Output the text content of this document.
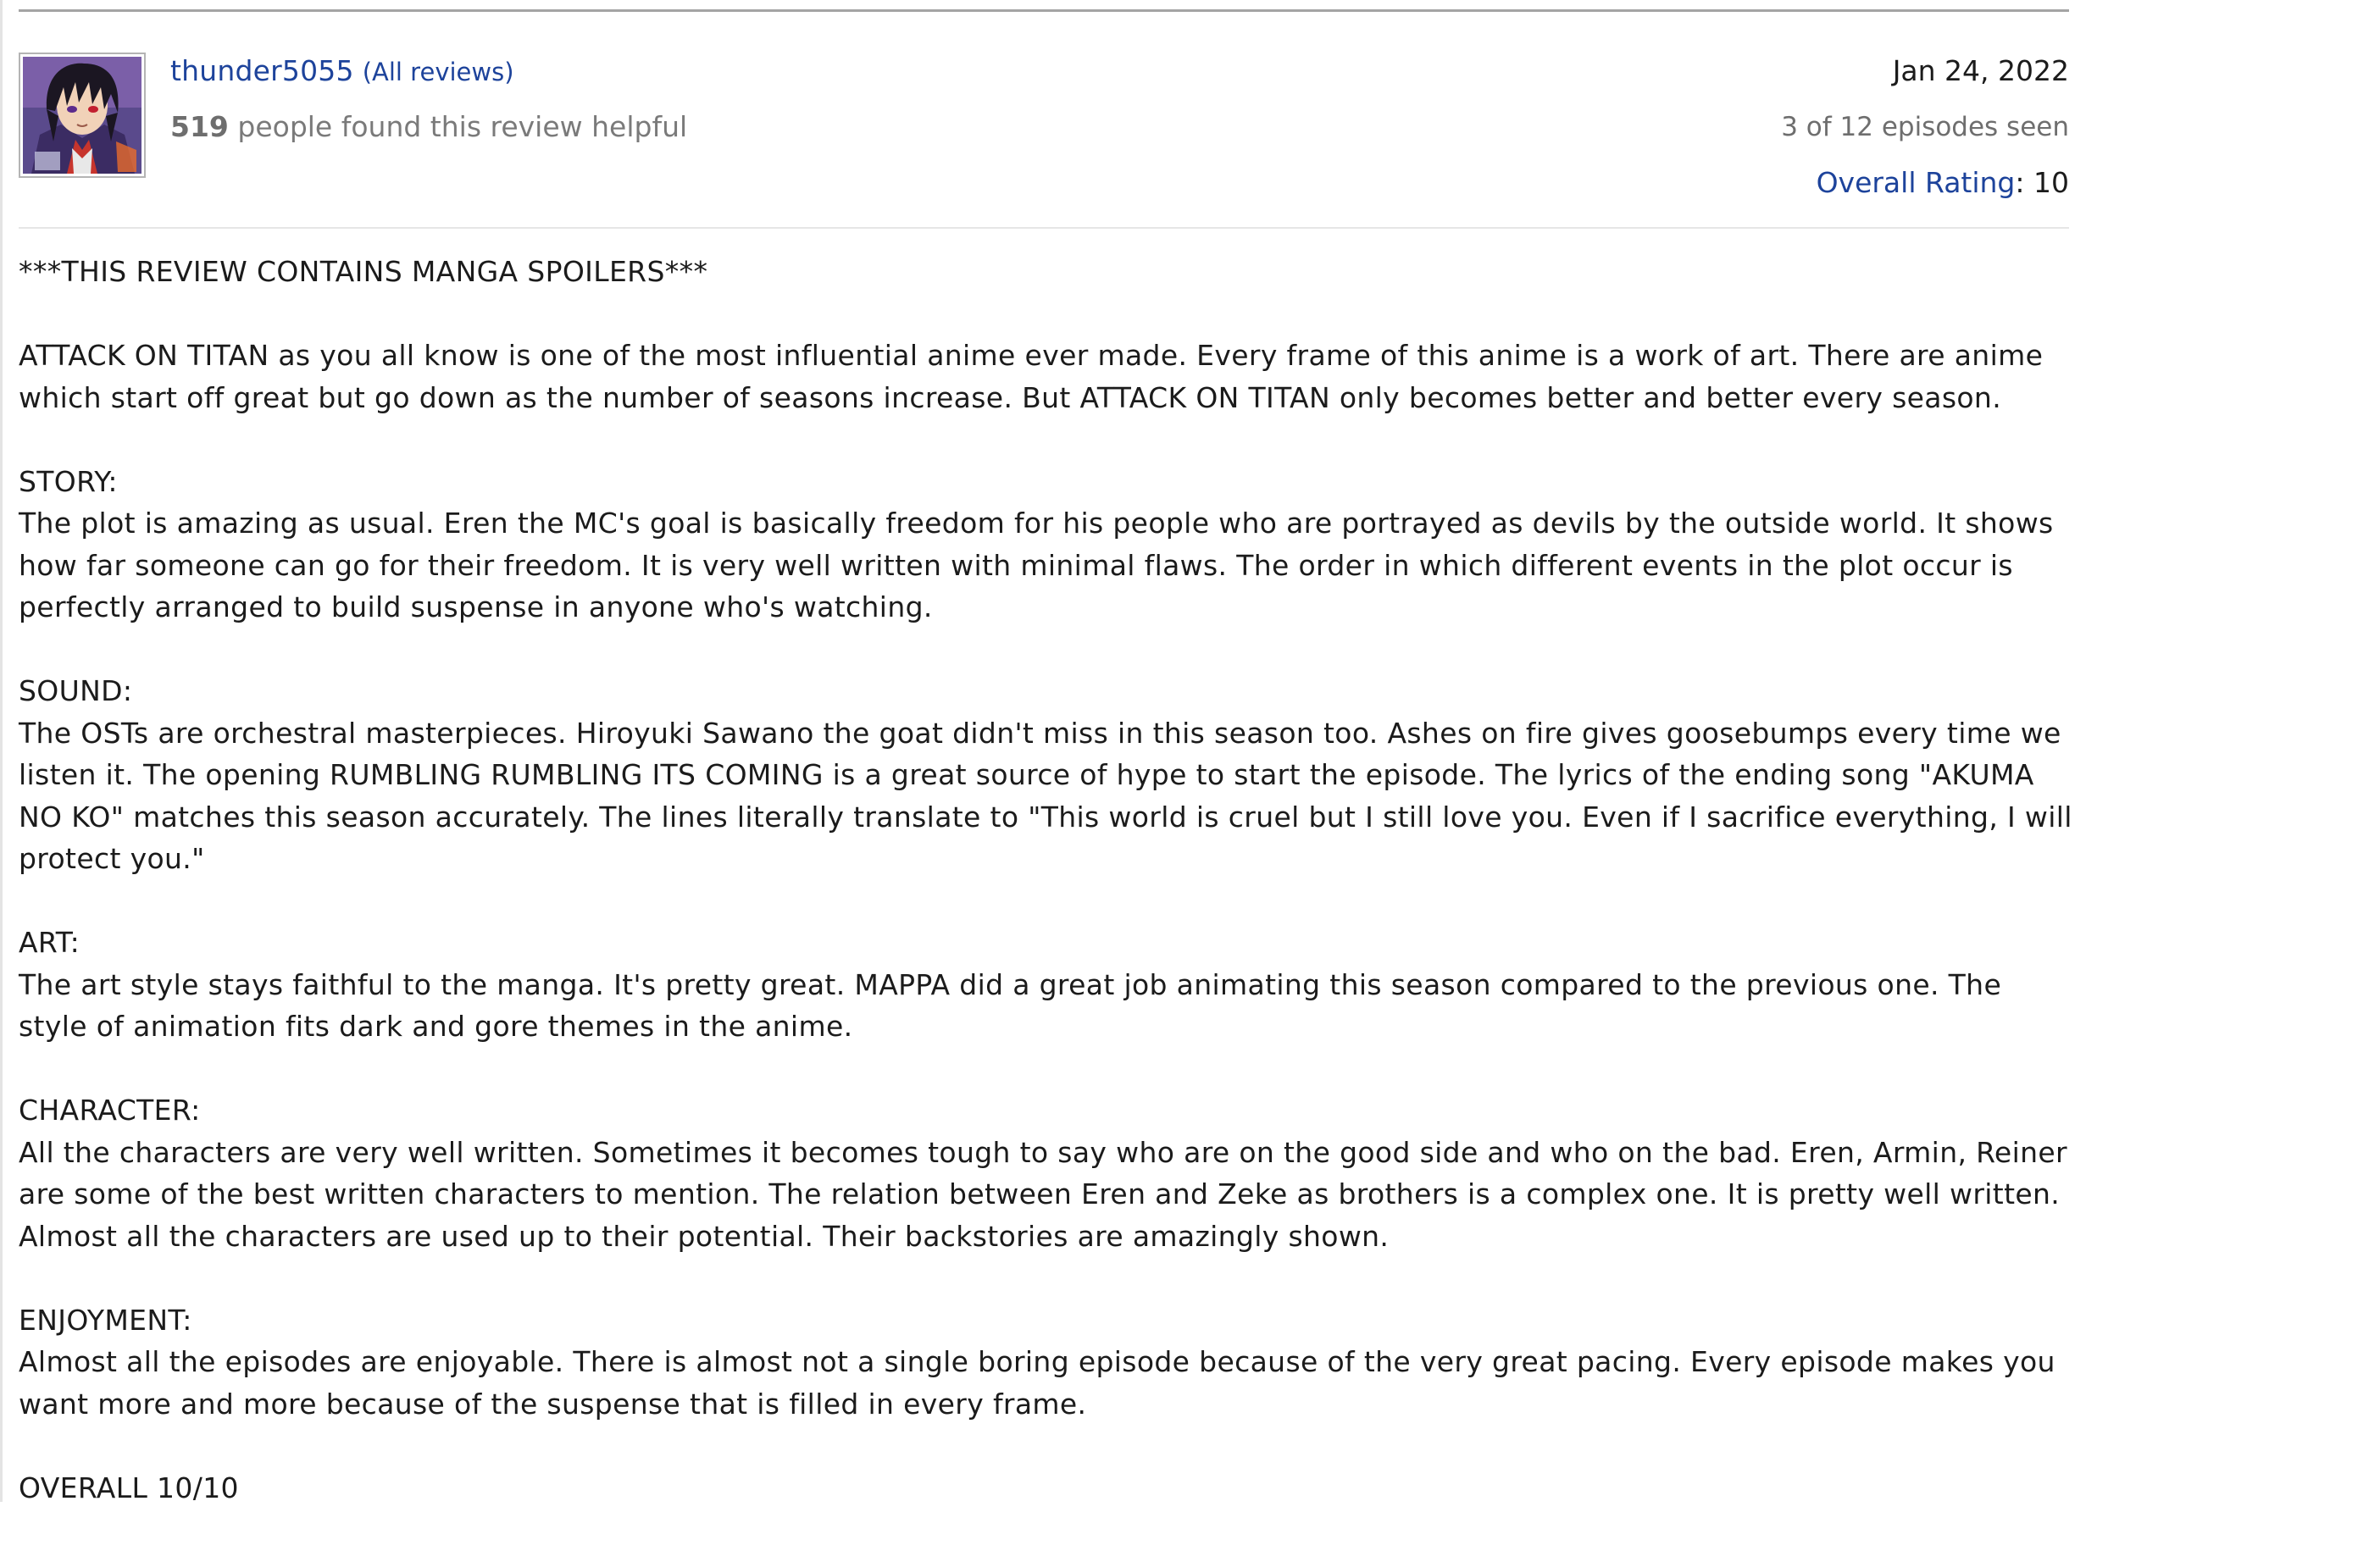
thunder5055 (All reviews)
519 people found this review helpful
Jan 24, 2022
3 of 12 episodes seen
Overall Rating: 10

***THIS REVIEW CONTAINS MANGA SPOILERS***

ATTACK ON TITAN as you all know is one of the most influential anime ever made. Every frame of this anime is a work of art. There are anime which start off great but go down as the number of seasons increase. But ATTACK ON TITAN only becomes better and better every season.

STORY:
The plot is amazing as usual. Eren the MC's goal is basically freedom for his people who are portrayed as devils by the outside world. It shows how far someone can go for their freedom. It is very well written with minimal flaws. The order in which different events in the plot occur is perfectly arranged to build suspense in anyone who's watching.

SOUND:
The OSTs are orchestral masterpieces. Hiroyuki Sawano the goat didn't miss in this season too. Ashes on fire gives goosebumps every time we listen it. The opening RUMBLING RUMBLING ITS COMING is a great source of hype to start the episode. The lyrics of the ending song "AKUMA NO KO" matches this season accurately. The lines literally translate to "This world is cruel but I still love you. Even if I sacrifice everything, I will protect you."

ART:
The art style stays faithful to the manga. It's pretty great. MAPPA did a great job animating this season compared to the previous one. The style of animation fits dark and gore themes in the anime.

CHARACTER:
All the characters are very well written. Sometimes it becomes tough to say who are on the good side and who on the bad. Eren, Armin, Reiner are some of the best written characters to mention. The relation between Eren and Zeke as brothers is a complex one. It is pretty well written. Almost all the characters are used up to their potential. Their backstories are amazingly shown.

ENJOYMENT:
Almost all the episodes are enjoyable. There is almost not a single boring episode because of the very great pacing. Every episode makes you want more and more because of the suspense that is filled in every frame.

OVERALL 10/10
